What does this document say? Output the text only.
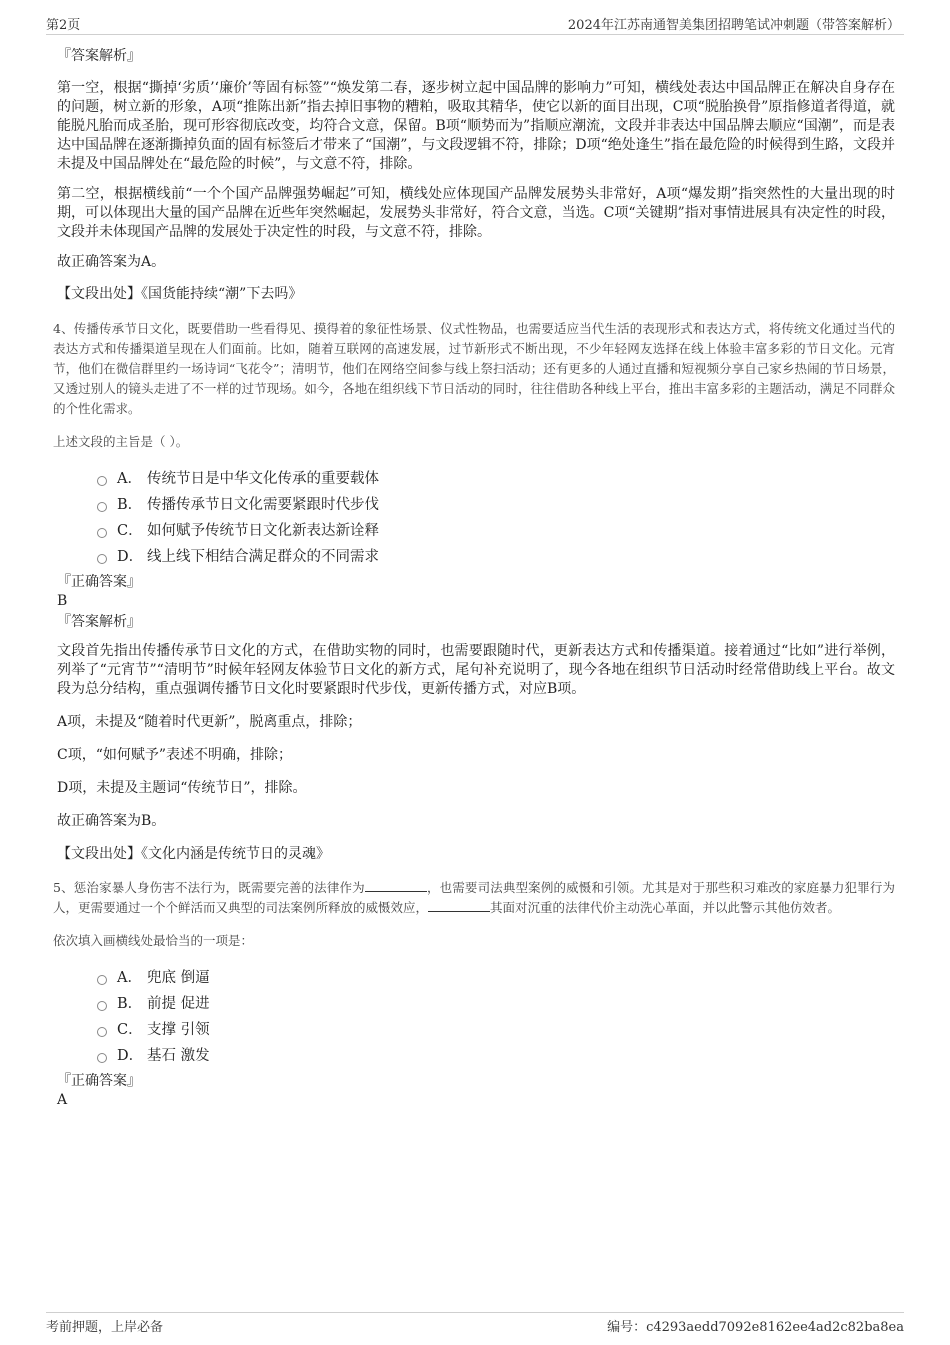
第2页	2024年江苏南通智美集团招聘笔试冲刺题（带答案解析）

『答案解析』

第一空，根据“撕掉‘劣质’‘廉价’等固有标签”“焕发第二春，逐步树立起中国品牌的影响力”可知，横线处表达中国品牌正在解决自身存在的问题，树立新的形象，A项“推陈出新”指去掉旧事物的糟粕，吸取其精华，使它以新的面目出现，C项“脱胎换骨”原指修道者得道，就能脱凡胎而成圣胎，现可形容彻底改变，均符合文意，保留。B项“顺势而为”指顺应潮流，文段并非表达中国品牌去顺应“国潮”，而是表达中国品牌在逐渐撕掉负面的固有标签后才带来了“国潮”，与文段逻辑不符，排除；D项“绝处逢生”指在最危险的时候得到生路，文段并未提及中国品牌处在“最危险的时候”，与文意不符，排除。

第二空，根据横线前“一个个国产品牌强势崛起”可知，横线处应体现国产品牌发展势头非常好，A项“爆发期”指突然性的大量出现的时期，可以体现出大量的国产品牌在近些年突然崛起，发展势头非常好，符合文意，当选。C项“关键期”指对事情进展具有决定性的时段，文段并未体现国产品牌的发展处于决定性的时段，与文意不符，排除。

故正确答案为A。

【文段出处】《国货能持续“潮”下去吗》

4、传播传承节日文化，既要借助一些看得见、摸得着的象征性场景、仪式性物品，也需要适应当代生活的表现形式和表达方式，将传统文化通过当代的表达方式和传播渠道呈现在人们面前。比如，随着互联网的高速发展，过节新形式不断出现，不少年轻网友选择在线上体验丰富多彩的节日文化。元宵节，他们在微信群里约一场诗词“飞花令”；清明节，他们在网络空间参与线上祭扫活动；还有更多的人通过直播和短视频分享自己家乡热闹的节日场景，又透过别人的镜头走进了不一样的过节现场。如今，各地在组织线下节日活动的同时，往往借助各种线上平台，推出丰富多彩的主题活动，满足不同群众的个性化需求。

上述文段的主旨是（ ）。

A． 传统节日是中华文化传承的重要载体
B． 传播传承节日文化需要紧跟时代步伐
C． 如何赋予传统节日文化新表达新诠释
D． 线上线下相结合满足群众的不同需求

『正确答案』

B

『答案解析』

文段首先指出传播传承节日文化的方式，在借助实物的同时，也需要跟随时代，更新表达方式和传播渠道。接着通过“比如”进行举例，列举了“元宵节”“清明节”时候年轻网友体验节日文化的新方式，尾句补充说明了，现今各地在组织节日活动时经常借助线上平台。故文段为总分结构，重点强调传播节日文化时要紧跟时代步伐，更新传播方式，对应B项。

A项，未提及“随着时代更新”，脱离重点，排除；

C项，“如何赋予”表述不明确，排除；

D项，未提及主题词“传统节日”，排除。

故正确答案为B。

【文段出处】《文化内涵是传统节日的灵魂》

5、惩治家暴人身伤害不法行为，既需要完善的法律作为	，也需要司法典型案例的威慑和引领。尤其是对于那些积习难改的家庭暴力犯罪行为人，更需要通过一个个鲜活而又典型的司法案例所释放的威慑效应，	其面对沉重的法律代价主动洗心革面，并以此警示其他仿效者。

依次填入画横线处最恰当的一项是：

A． 兜底 倒逼
B． 前提 促进
C． 支撑 引领
D． 基石 激发

『正确答案』

A

考前押题，上岸必备	编号：c4293aedd7092e8162ee4ad2c82ba8ea
